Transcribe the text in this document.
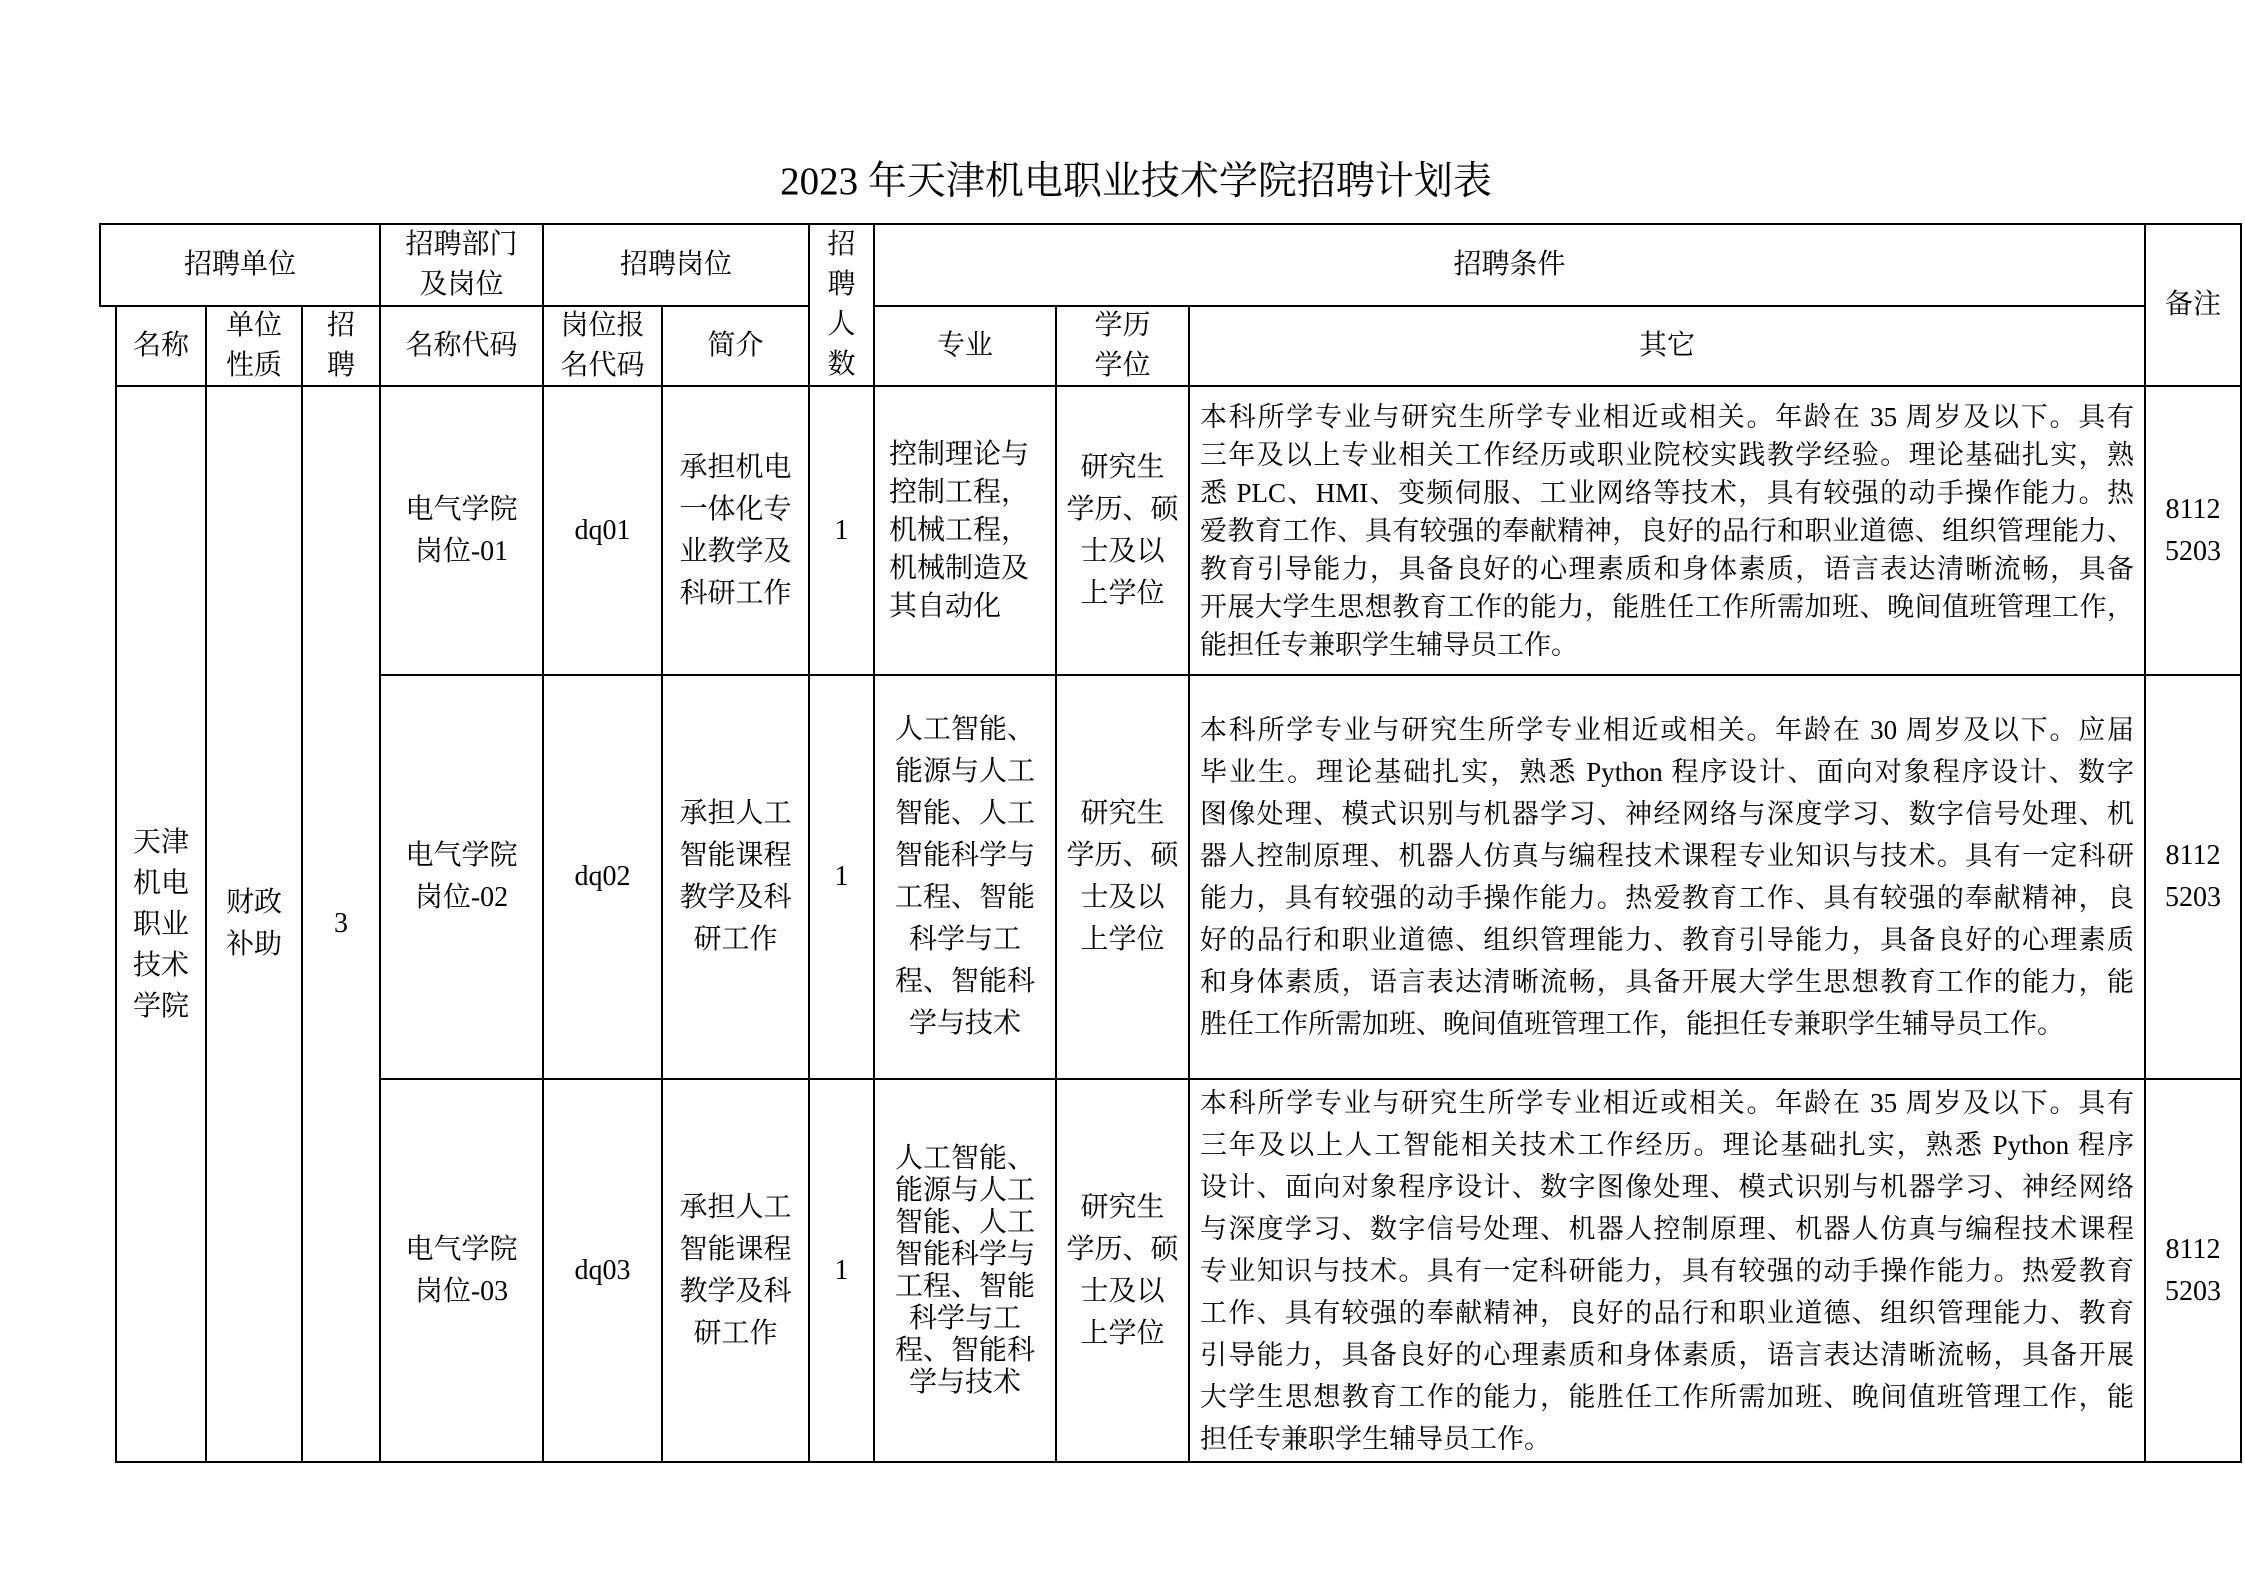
2023 年天津机电职业技术学院招聘计划表
招聘单位
招聘部门
及岗位
招聘岗位
招
聘
人
数
招聘条件
备注
名称
单位
性质
招
聘
名称代码
岗位报
名代码
简介	专业
学历
学位
其它
天津
机电
职业
技术
学院
财政
补助
3
电气学院
岗位-01
dq01
承担机电
一体化专
业教学及
科研工作
1
控制理论与
控制工程，
机械工程，
机械制造及
其自动化
研究生
学历、硕
士及以
上学位
本科所学专业与研究生所学专业相近或相关。年龄在 35 周岁及以下。具有
三年及以上专业相关工作经历或职业院校实践教学经验。理论基础扎实，熟
悉 PLC、HMI、变频伺服、工业网络等技术，具有较强的动手操作能力。热
爱教育工作、具有较强的奉献精神，良好的品行和职业道德、组织管理能力、
教育引导能力，具备良好的心理素质和身体素质，语言表达清晰流畅，具备
开展大学生思想教育工作的能力，能胜任工作所需加班、晚间值班管理工作，
能担任专兼职学生辅导员工作。
8112
5203
电气学院
岗位-02
dq02
承担人工
智能课程
教学及科
研工作
1
人工智能、
能源与人工
智能、人工
智能科学与
工程、智能
科学与工
程、智能科
学与技术
研究生
学历、硕
士及以
上学位
本科所学专业与研究生所学专业相近或相关。年龄在 30 周岁及以下。应届
毕业生。理论基础扎实，熟悉 Python 程序设计、面向对象程序设计、数字
图像处理、模式识别与机器学习、神经网络与深度学习、数字信号处理、机
器人控制原理、机器人仿真与编程技术课程专业知识与技术。具有一定科研
能力，具有较强的动手操作能力。热爱教育工作、具有较强的奉献精神，良
好的品行和职业道德、组织管理能力、教育引导能力，具备良好的心理素质
和身体素质，语言表达清晰流畅，具备开展大学生思想教育工作的能力，能
胜任工作所需加班、晚间值班管理工作，能担任专兼职学生辅导员工作。
8112
5203
电气学院
岗位-03
dq03
承担人工
智能课程
教学及科
研工作
1
人工智能、
能源与人工
智能、人工
智能科学与
工程、智能
科学与工
程、智能科
学与技术
研究生
学历、硕
士及以
上学位
本科所学专业与研究生所学专业相近或相关。年龄在 35 周岁及以下。具有
三年及以上人工智能相关技术工作经历。理论基础扎实，熟悉 Python 程序
设计、面向对象程序设计、数字图像处理、模式识别与机器学习、神经网络
与深度学习、数字信号处理、机器人控制原理、机器人仿真与编程技术课程
专业知识与技术。具有一定科研能力，具有较强的动手操作能力。热爱教育
工作、具有较强的奉献精神，良好的品行和职业道德、组织管理能力、教育
引导能力，具备良好的心理素质和身体素质，语言表达清晰流畅，具备开展
大学生思想教育工作的能力，能胜任工作所需加班、晚间值班管理工作，能
担任专兼职学生辅导员工作。
8112
5203
